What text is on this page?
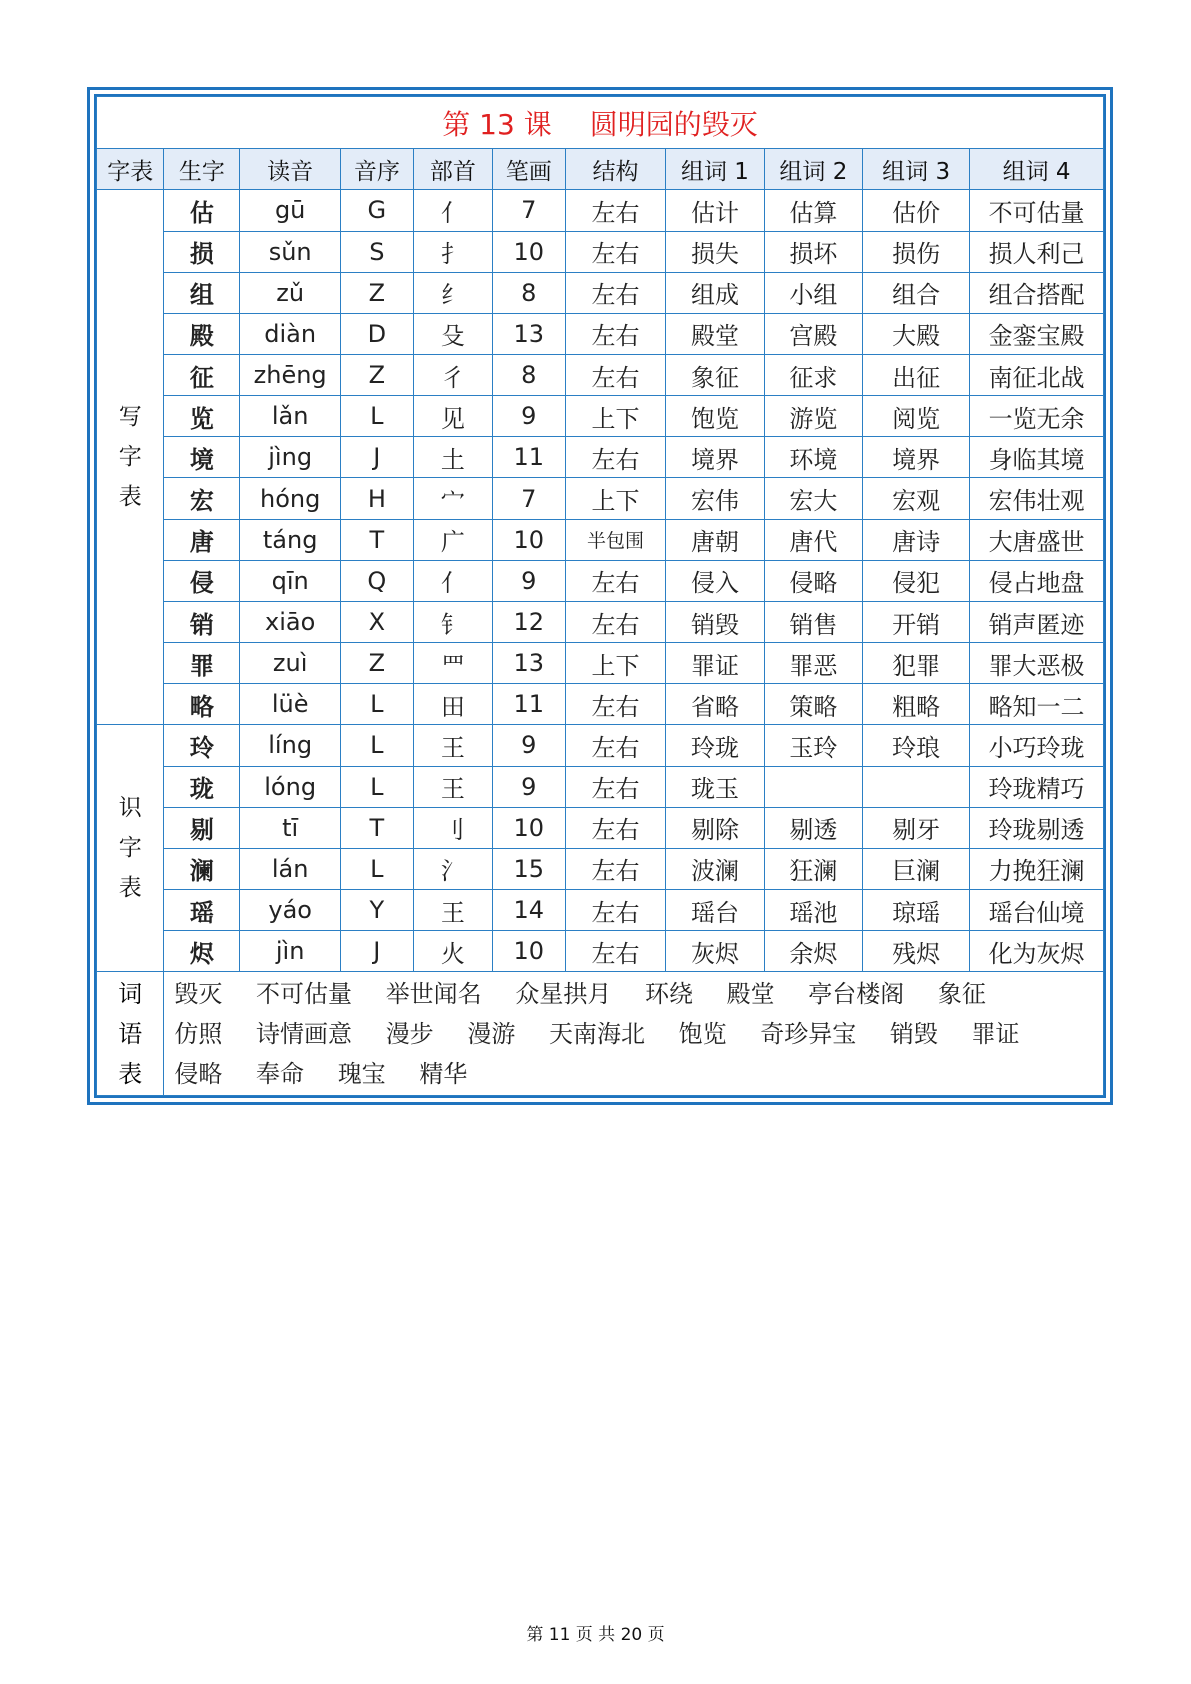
第 13 课 圆明园的毁灭										
字表	生字	读音	音序	部首	笔画	结构	组词 1	组词 2	组词 3	组词 4

写
字
表	估	gū	G	亻	7	左右	估计	估算	估价	不可估量
	损	sǔn	S	扌	10	左右	损失	损坏	损伤	损人利己
	组	zǔ	Z	纟	8	左右	组成	小组	组合	组合搭配
	殿	diàn	D	殳	13	左右	殿堂	宫殿	大殿	金銮宝殿
	征	zhēng	Z	彳	8	左右	象征	征求	出征	南征北战
	览	lǎn	L	见	9	上下	饱览	游览	阅览	一览无余
	境	jìng	J	土	11	左右	境界	环境	境界	身临其境
	宏	hóng	H	宀	7	上下	宏伟	宏大	宏观	宏伟壮观
	唐	táng	T	广	10	半包围	唐朝	唐代	唐诗	大唐盛世
	侵	qīn	Q	亻	9	左右	侵入	侵略	侵犯	侵占地盘
	销	xiāo	X	钅	12	左右	销毁	销售	开销	销声匿迹
	罪	zuì	Z	罒	13	上下	罪证	罪恶	犯罪	罪大恶极
	略	lüè	L	田	11	左右	省略	策略	粗略	略知一二

识
字
表	玲	líng	L	王	9	左右	玲珑	玉玲	玲琅	小巧玲珑
	珑	lóng	L	王	9	左右	珑玉			玲珑精巧
	剔	tī	T	刂	10	左右	剔除	剔透	剔牙	玲珑剔透
	澜	lán	L	氵	15	左右	波澜	狂澜	巨澜	力挽狂澜
	瑶	yáo	Y	王	14	左右	瑶台	瑶池	琼瑶	瑶台仙境
	烬	jìn	J	火	10	左右	灰烬	余烬	残烬	化为灰烬
词
语
表	毁灭 不可估量 举世闻名 众星拱月 环绕 殿堂 亭台楼阁 象征 仿照 诗情画意 漫步 漫游 天南海北 饱览 奇珍异宝 销毁 罪证 侵略 奉命 瑰宝 精华									
第 11 页 共 20 页
